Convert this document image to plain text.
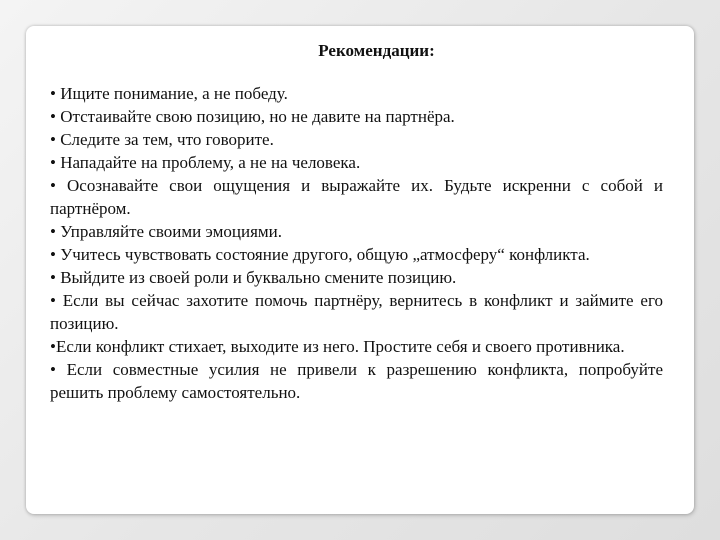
Рекомендации:
• Ищите понимание, а не победу.
• Отстаивайте свою позицию, но не давите на партнёра.
• Следите за тем, что говорите.
• Нападайте на проблему, а не на человека.
• Осознавайте свои ощущения и выражайте их. Будьте искренни с собой и партнёром.
• Управляйте своими эмоциями.
• Учитесь чувствовать состояние другого, общую „атмосферу“ конфликта.
• Выйдите из своей роли и буквально смените позицию.
• Если вы сейчас захотите помочь партнёру, вернитесь в конфликт и займите его позицию.
•Если конфликт стихает, выходите из него. Простите себя и своего противника.
• Если совместные усилия не привели к разрешению конфликта, попробуйте решить проблему самостоятельно.
